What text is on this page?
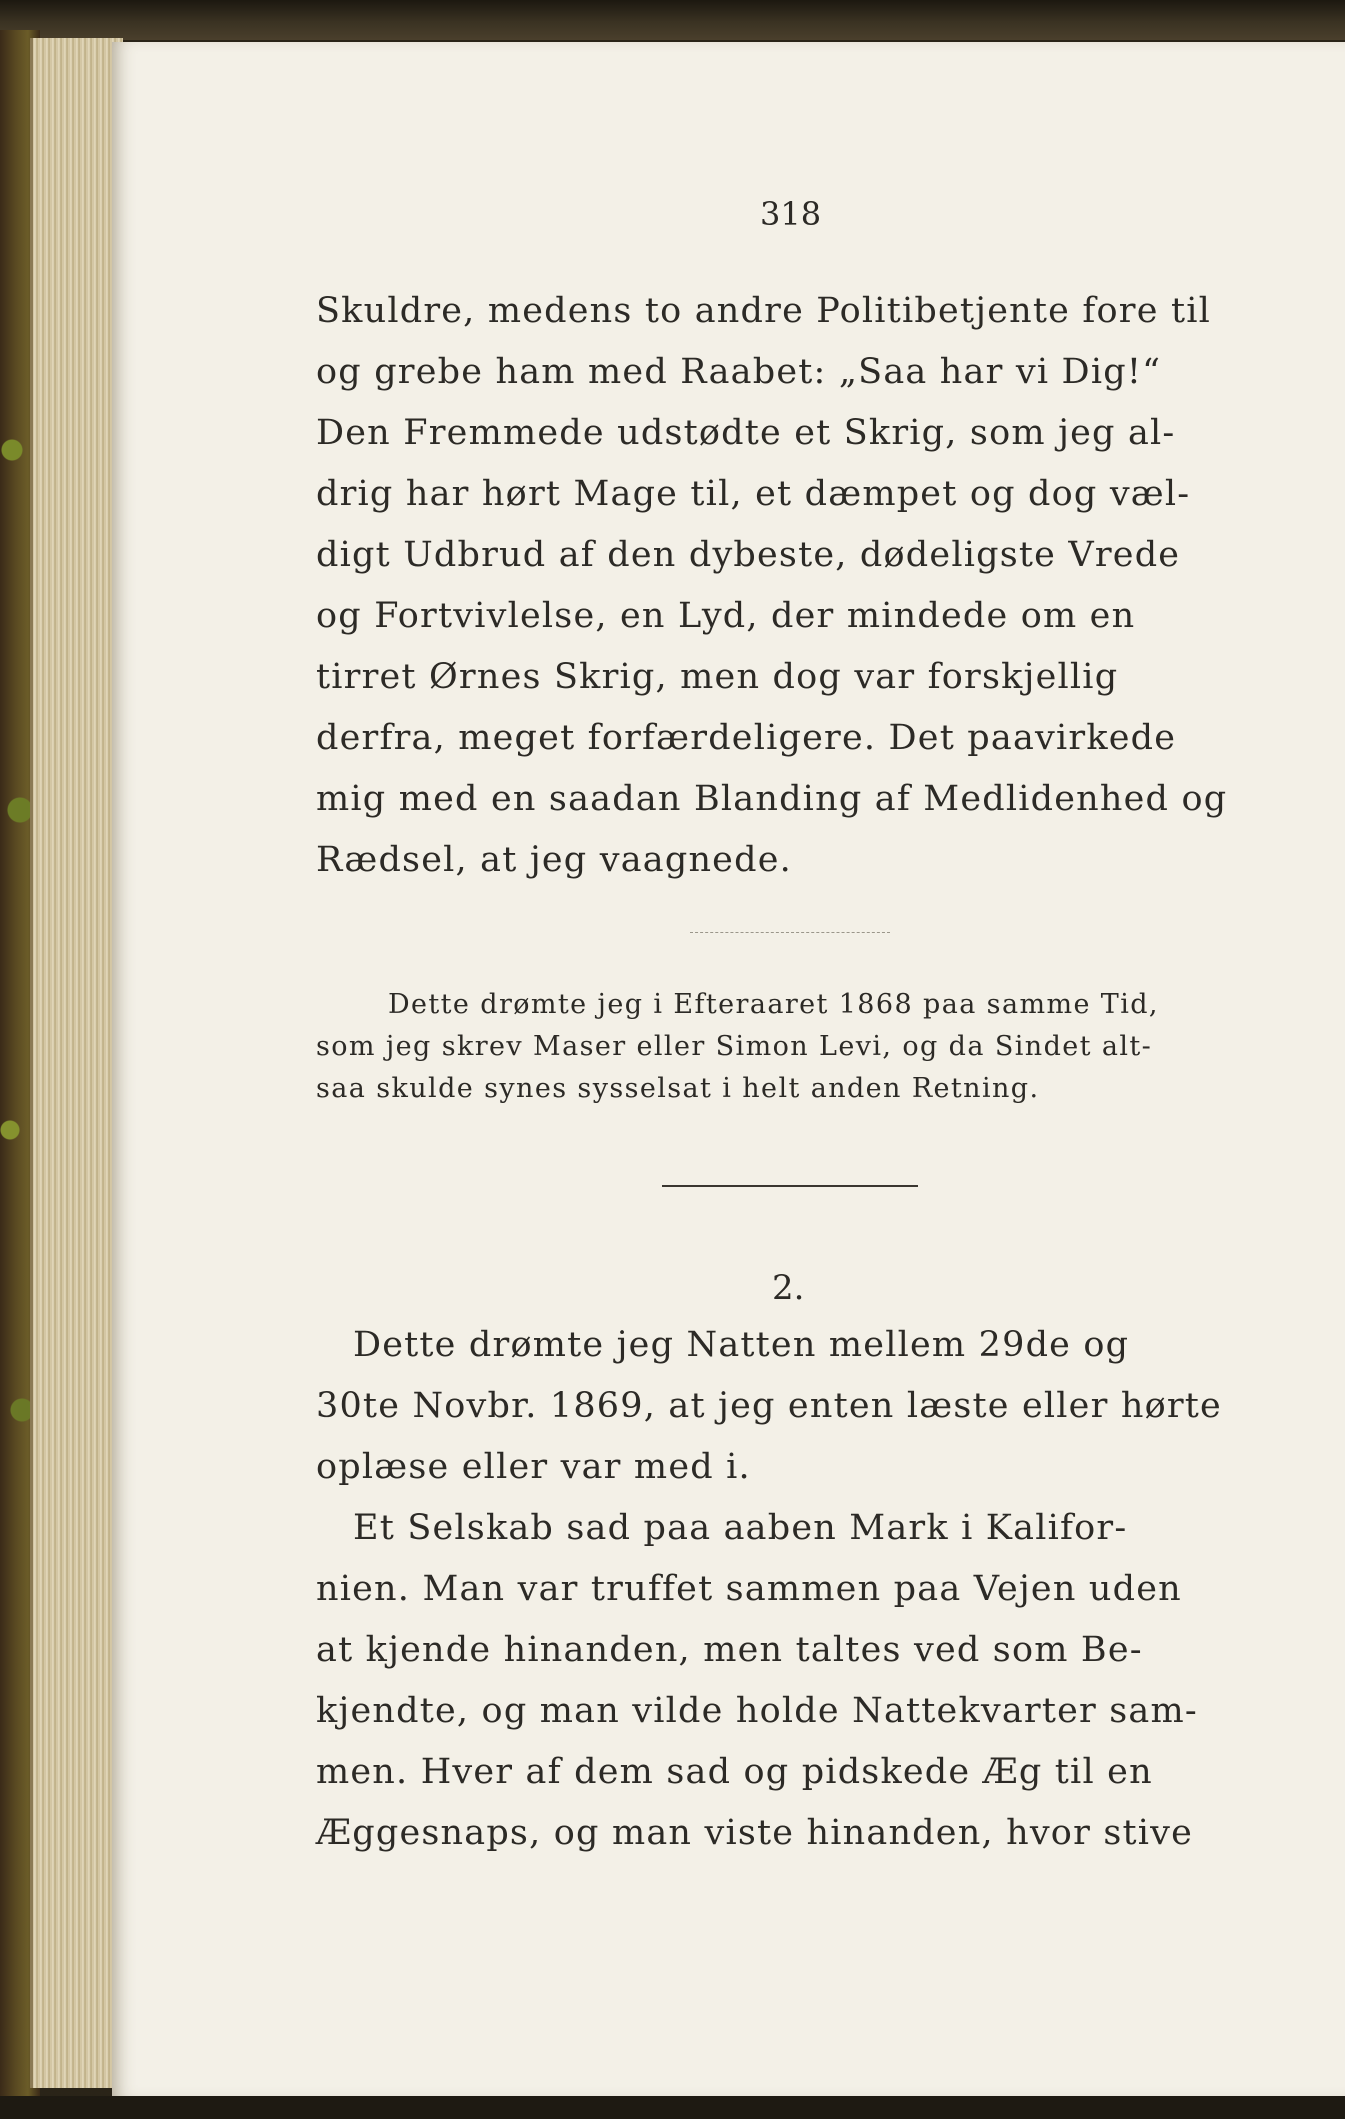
318
Skuldre, medens to andre Politibetjente fore til
og grebe ham med Raabet: „Saa har vi Dig!“
Den Fremmede udstødte et Skrig, som jeg al-
drig har hørt Mage til, et dæmpet og dog væl-
digt Udbrud af den dybeste, dødeligste Vrede
og Fortvivlelse, en Lyd, der mindede om en
tirret Ørnes Skrig, men dog var forskjellig
derfra, meget forfærdeligere. Det paavirkede
mig med en saadan Blanding af Medlidenhed og
Rædsel, at jeg vaagnede.
Dette drømte jeg i Efteraaret 1868 paa samme Tid,
som jeg skrev Maser eller Simon Levi, og da Sindet alt-
saa skulde synes sysselsat i helt anden Retning.
2.
Dette drømte jeg Natten mellem 29de og
30te Novbr. 1869, at jeg enten læste eller hørte
oplæse eller var med i.
Et Selskab sad paa aaben Mark i Kalifor-
nien. Man var truffet sammen paa Vejen uden
at kjende hinanden, men taltes ved som Be-
kjendte, og man vilde holde Nattekvarter sam-
men. Hver af dem sad og pidskede Æg til en
Æggesnaps, og man viste hinanden, hvor stive
